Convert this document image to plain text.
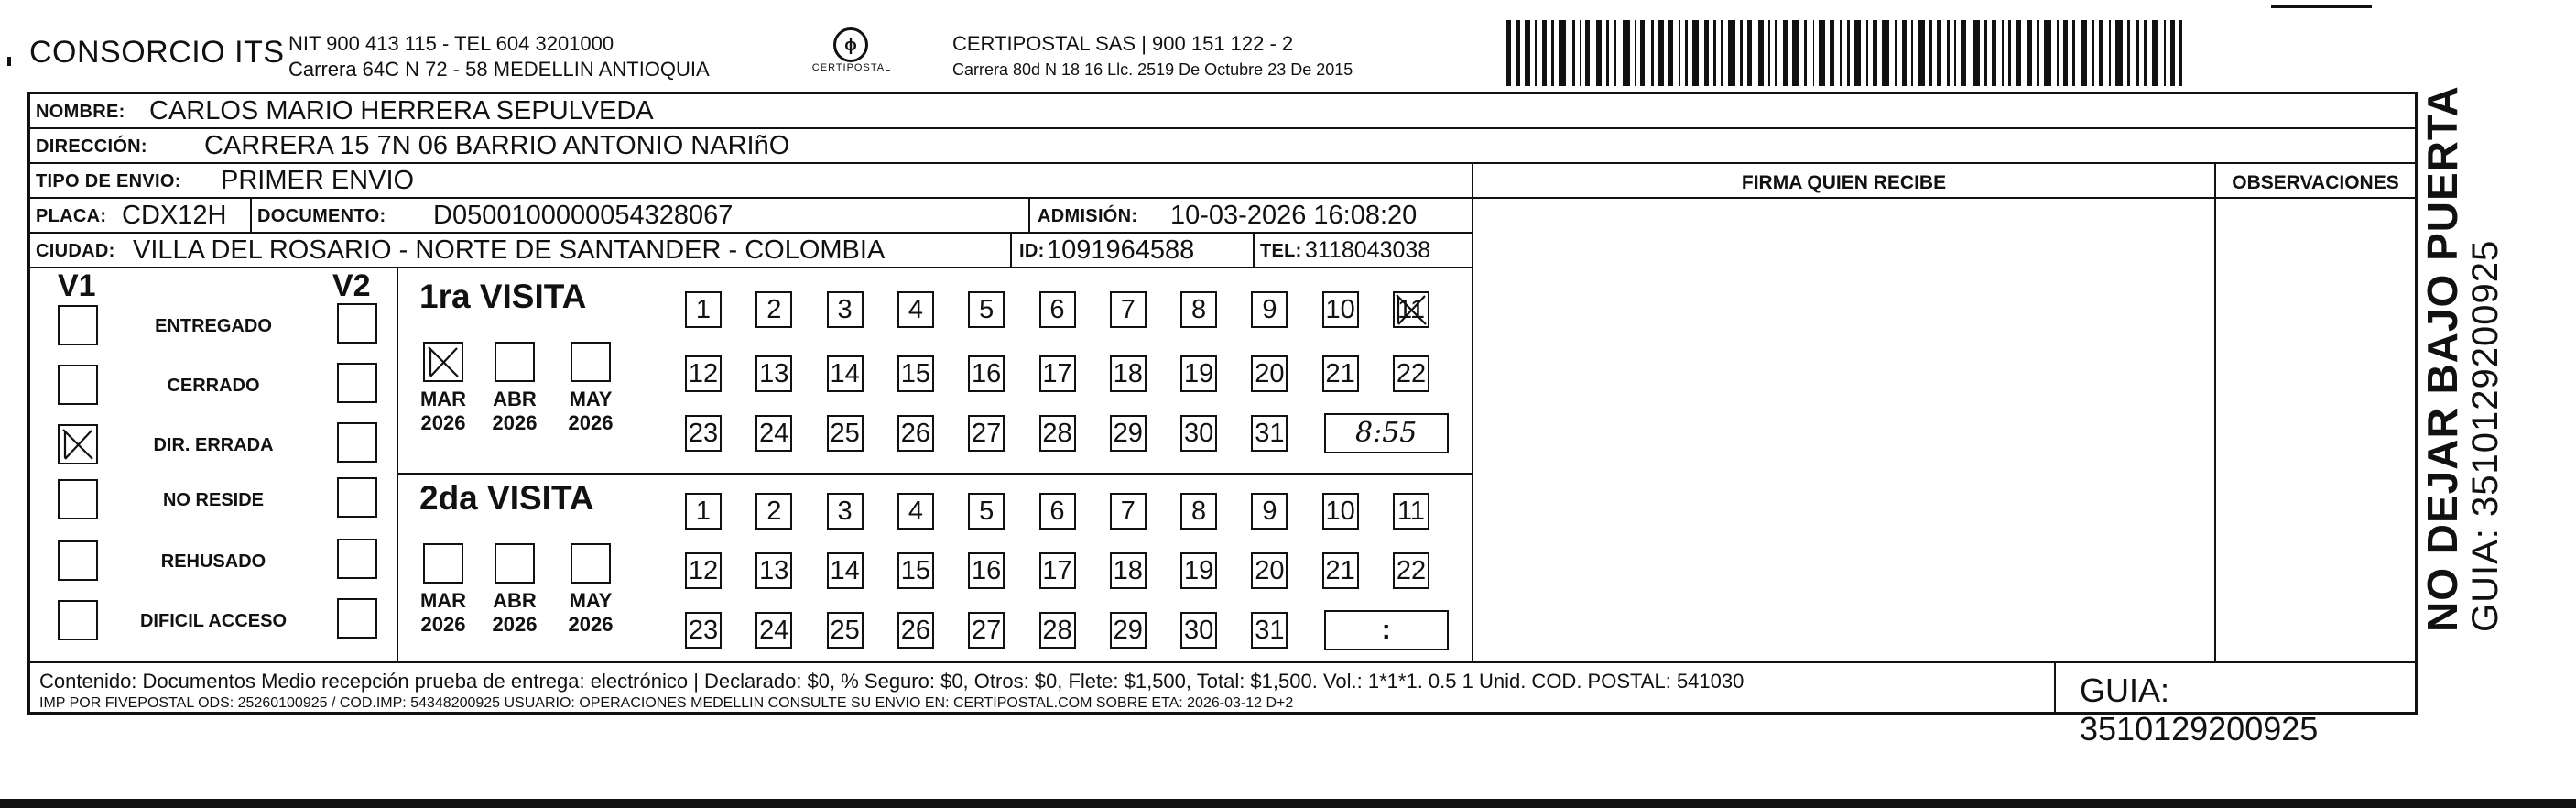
CONSORCIO ITS NIT 900 413 115 - TEL 604 3201000
Carrera 64C N 72 - 58 MEDELLIN ANTIOQUIA
ϕ
CERTIPOSTAL
CERTIPOSTAL SAS | 900 151 122 - 2
Carrera 80d N 18 16 Llc. 2519 De Octubre 23 De 2015
NOMBRE: CARLOS MARIO HERRERA SEPULVEDA
DIRECCIÓN: CARRERA 15 7N 06 BARRIO ANTONIO NARIñO
TIPO DE ENVIO: PRIMER ENVIO	FIRMA QUIEN RECIBE	OBSERVACIONES
PLACA: CDX12H DOCUMENTO: D0500100000054328067	ADMISIÓN: 10-03-2026 16:08:20
CIUDAD: VILLA DEL ROSARIO - NORTE DE SANTANDER - COLOMBIA	ID: 1091964588	TEL: 3118043038
V1	V2
ENTREGADO
CERRADO
DIR. ERRADA
NO RESIDE
REHUSADO
DIFICIL ACCESO
1ra VISITA
2da VISITA
MAR
2026
ABR
2026
MAY
2026
MAR
2026
ABR
2026
MAY
2026
1	2	3	4	5	6	7	8	9	10 11
12 13 14 15 16 17 18 19 20 21 22
23 24 25 26 27 28 29 30 31	8:55
1	2	3	4	5	6	7	8	9	10 11
12 13 14 15 16 17 18 19 20 21 22
23 24 25 26 27 28 29 30 31	:
Contenido: Documentos Medio recepción prueba de entrega: electrónico | Declarado: $0, % Seguro: $0, Otros: $0, Flete: $1,500, Total: $1,500. Vol.: 1*1*1. 0.5 1 Unid. COD. POSTAL: 541030
IMP POR FIVEPOSTAL ODS: 25260100925 / COD.IMP: 54348200925 USUARIO: OPERACIONES MEDELLIN CONSULTE SU ENVIO EN: CERTIPOSTAL.COM SOBRE ETA: 2026-03-12 D+2	GUIA: 3510129200925
NO DEJAR BAJO PUERTA GUIA: 3510129200925
